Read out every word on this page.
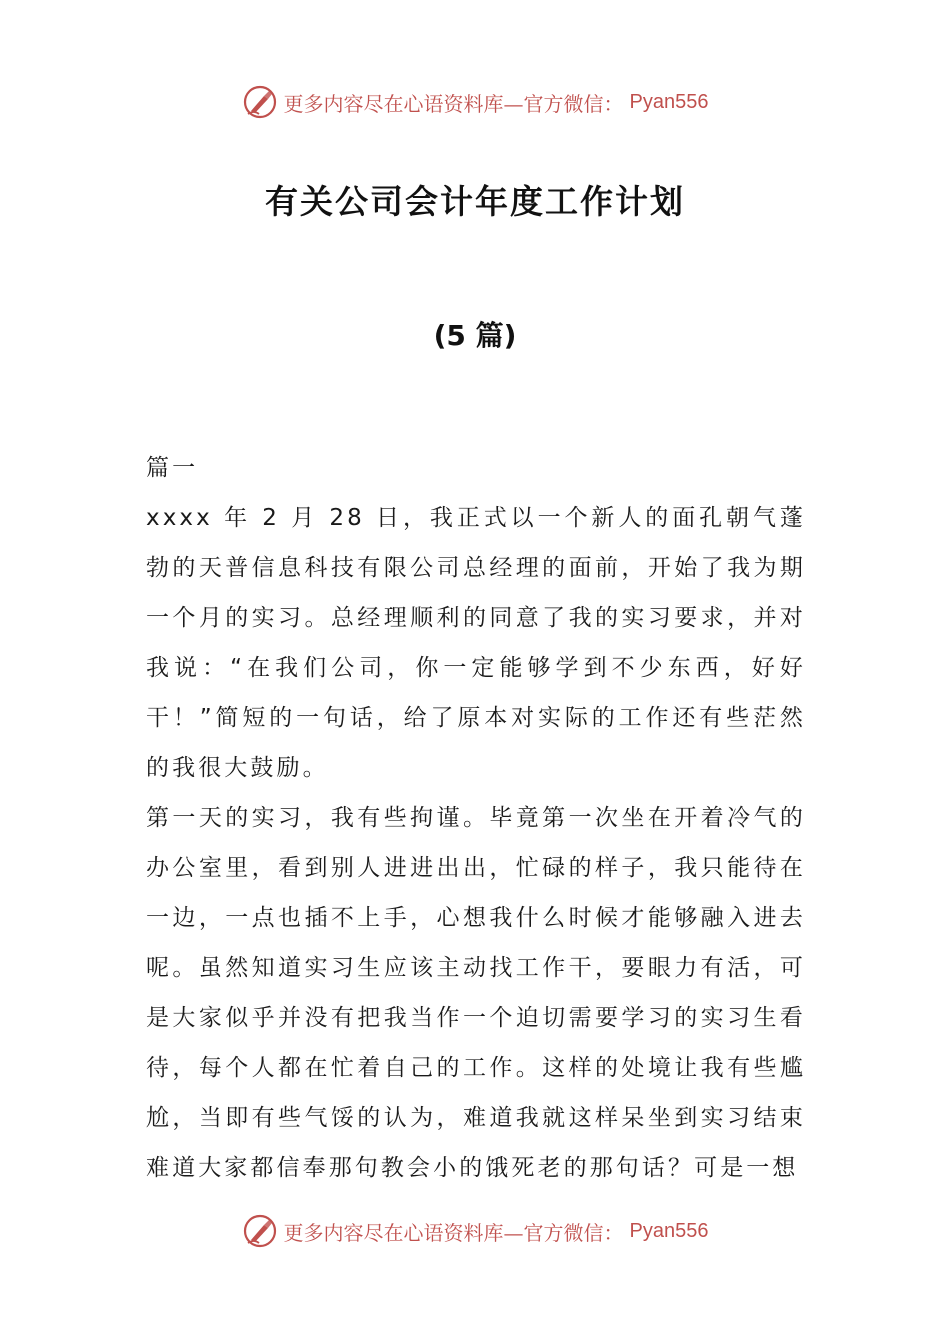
更多内容尽在心语资料库—官方微信： Pyan556
有关公司会计年度工作计划
(5 篇)

篇一

xxxx 年 2 月 28 日，我正式以一个新人的面孔朝气蓬勃的天普信息科技有限公司总经理的面前，开始了我为期一个月的实习。总经理顺利的同意了我的实习要求，并对我说：“在我们公司，你一定能够学到不少东西，好好干！”简短的一句话，给了原本对实际的工作还有些茫然的我很大鼓励。

第一天的实习，我有些拘谨。毕竟第一次坐在开着冷气的办公室里，看到别人进进出出，忙碌的样子，我只能待在一边，一点也插不上手，心想我什么时候才能够融入进去呢。虽然知道实习生应该主动找工作干，要眼力有活，可是大家似乎并没有把我当作一个迫切需要学习的实习生看待，每个人都在忙着自己的工作。这样的处境让我有些尴尬，当即有些气馁的认为，难道我就这样呆坐到实习结束难道大家都信奉那句教会小的饿死老的那句话？可是一想

更多内容尽在心语资料库—官方微信： Pyan556
